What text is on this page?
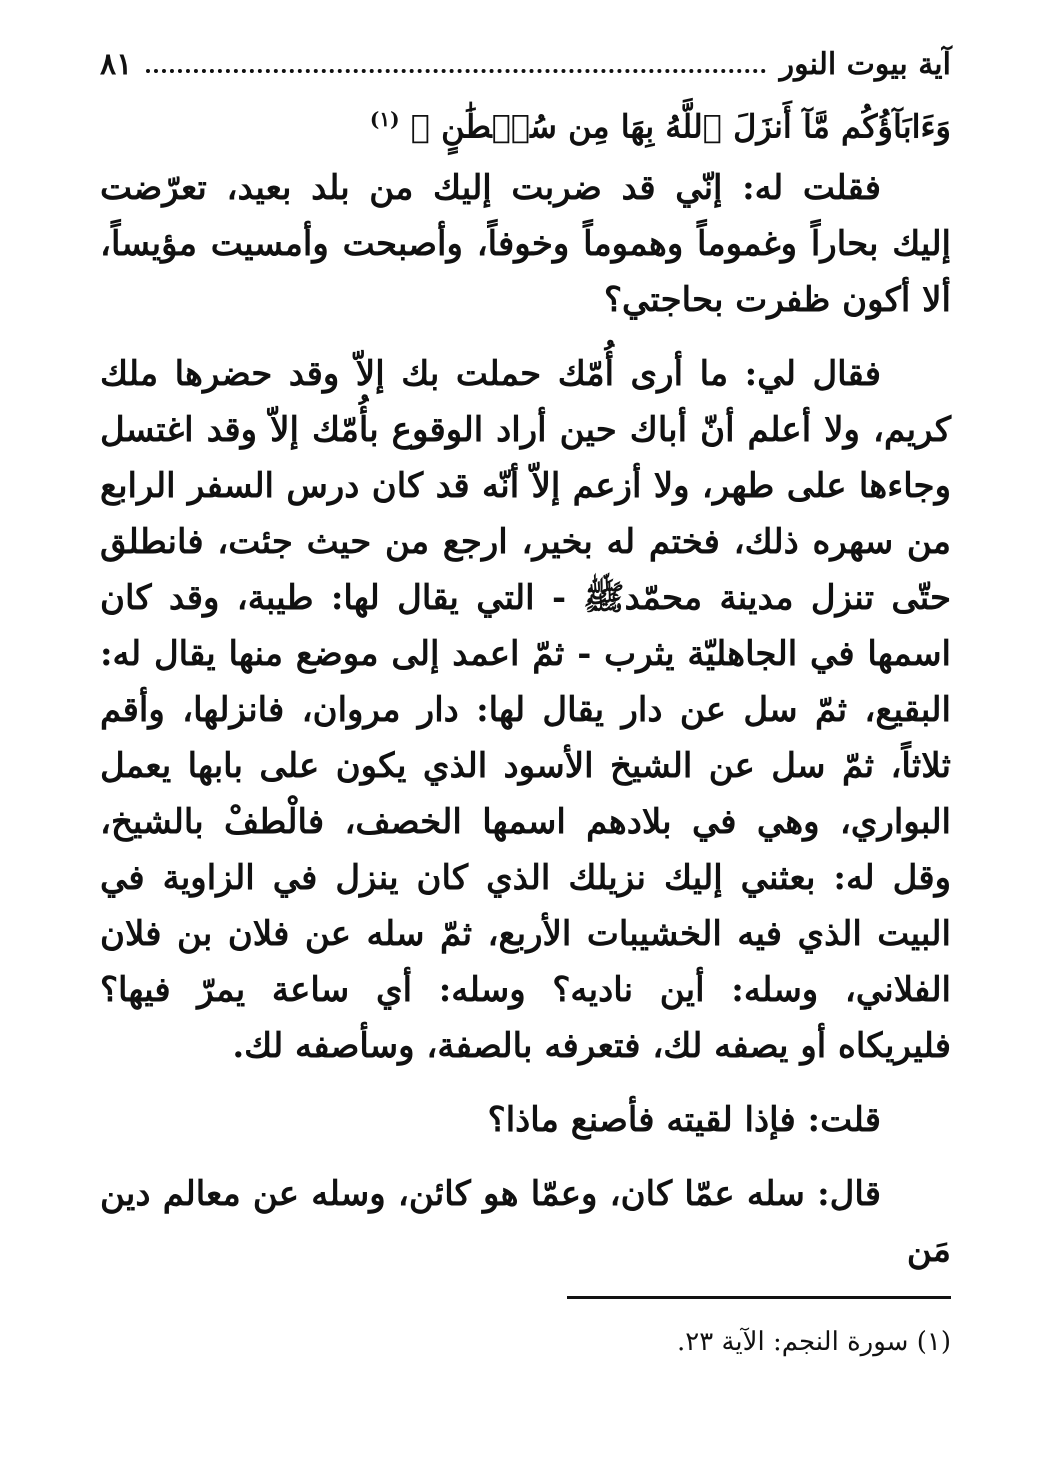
آية بيوت النور
٨١
وَءَابَآؤُكُم مَّآ أَنزَلَ ٱللَّهُ بِهَا مِن سُلۡطَٰنٍ ﴾ $^{(١)}$

فقلت له: إنّي قد ضربت إليك من بلد بعيد، تعرّضت إليك بحاراً وغموماً وهموماً وخوفاً، وأصبحت وأمسيت مؤيساً، ألا أكون ظفرت بحاجتي؟

فقال لي: ما أرى أُمّك حملت بك إلاّ وقد حضرها ملك كريم، ولا أعلم أنّ أباك حين أراد الوقوع بأُمّك إلاّ وقد اغتسل وجاءها على طهر، ولا أزعم إلاّ أنّه قد كان درس السفر الرابع من سهره ذلك، فختم له بخير، ارجع من حيث جئت، فانطلق حتّى تنزل مدينة محمّدﷺ - التي يقال لها: طيبة، وقد كان اسمها في الجاهليّة يثرب - ثمّ اعمد إلى موضع منها يقال له: البقيع، ثمّ سل عن دار يقال لها: دار مروان، فانزلها، وأقم ثلاثاً، ثمّ سل عن الشيخ الأسود الذي يكون على بابها يعمل البواري، وهي في بلادهم اسمها الخصف، فالْطفْ بالشيخ، وقل له: بعثني إليك نزيلك الذي كان ينزل في الزاوية في البيت الذي فيه الخشيبات الأربع، ثمّ سله عن فلان بن فلان الفلاني، وسله: أين ناديه؟ وسله: أي ساعة يمرّ فيها؟ فليريكاه أو يصفه لك، فتعرفه بالصفة، وسأصفه لك.

قلت: فإذا لقيته فأصنع ماذا؟

قال: سله عمّا كان، وعمّا هو كائن، وسله عن معالم دين مَن

(١) سورة النجم: الآية ٢٣.
